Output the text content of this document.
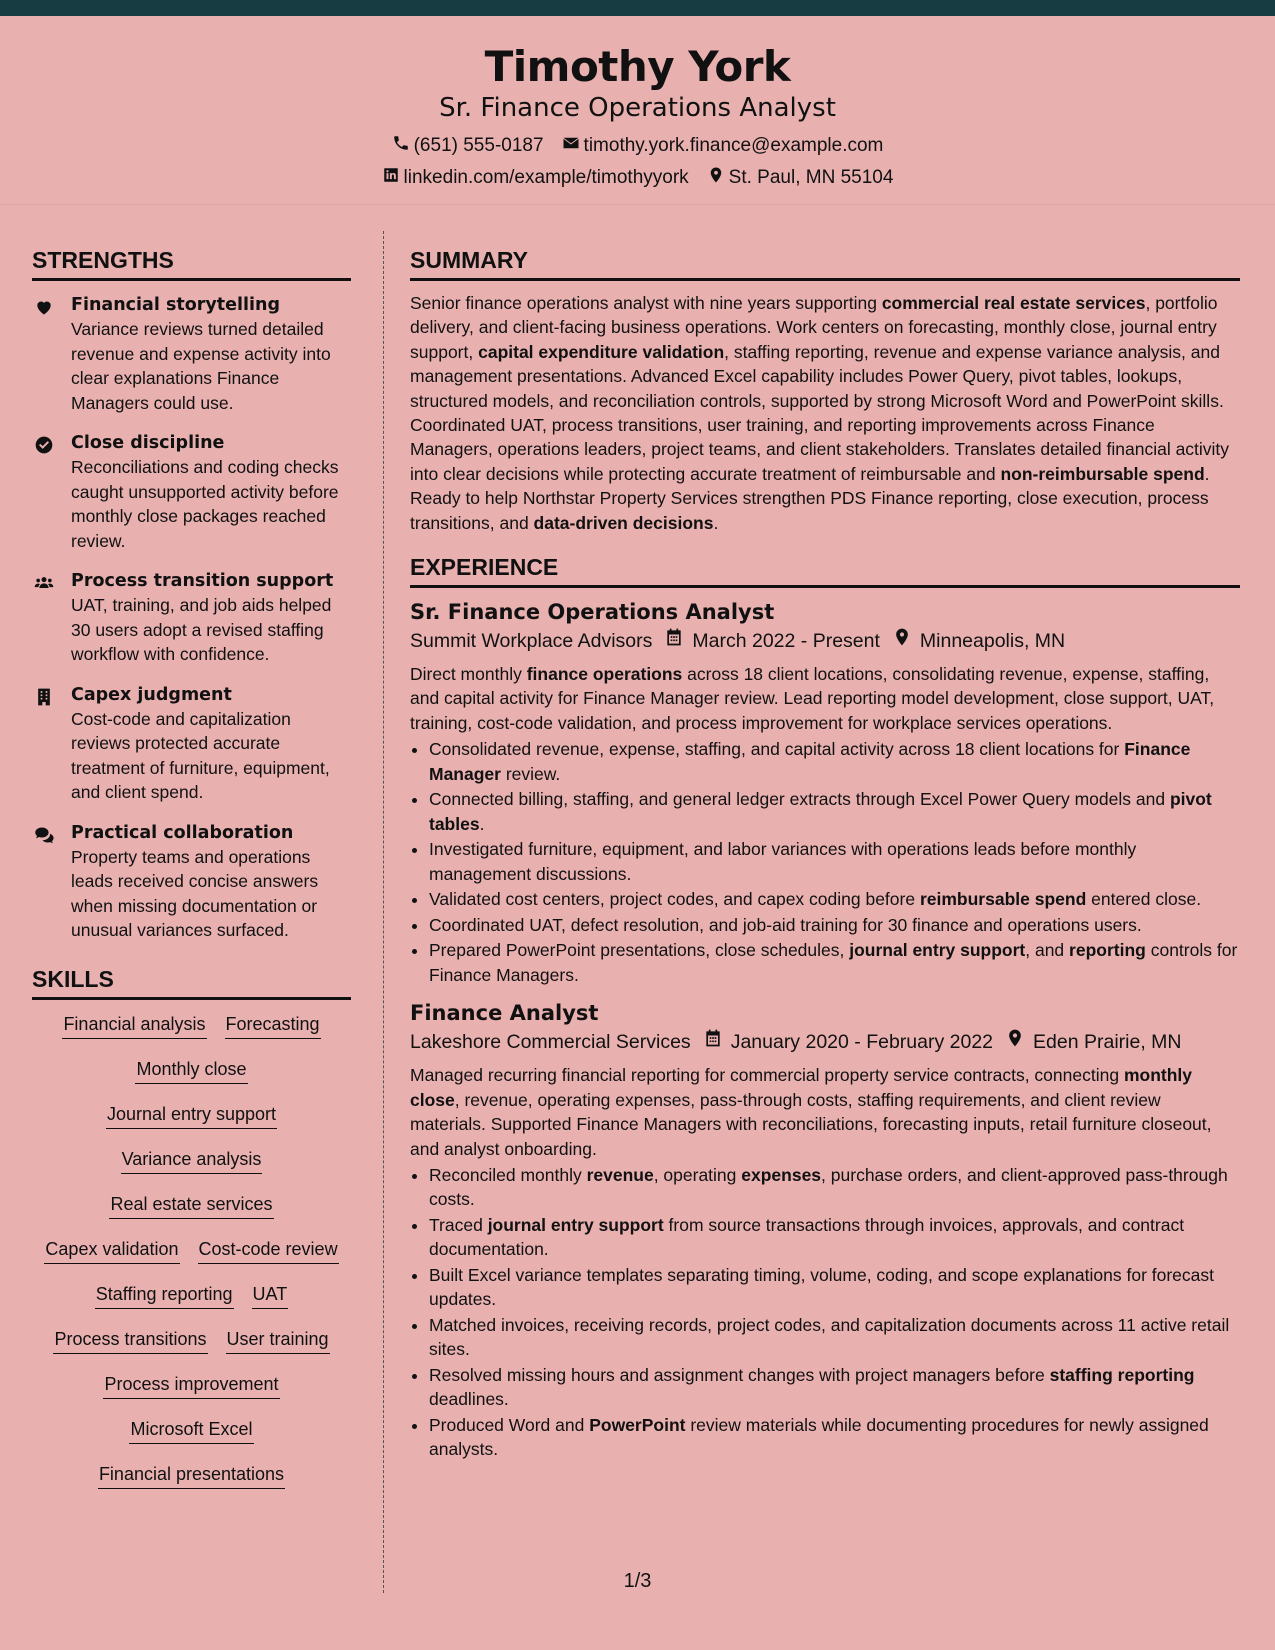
Timothy York
Sr. Finance Operations Analyst
(651) 555-0187 timothy.york.finance@example.com
linkedin.com/example/timothyyork St. Paul, MN 55104
STRENGTHS
Financial storytelling
Variance reviews turned detailed revenue and expense activity into clear explanations Finance Managers could use.
Close discipline
Reconciliations and coding checks caught unsupported activity before monthly close packages reached review.
Process transition support
UAT, training, and job aids helped 30 users adopt a revised staffing workflow with confidence.
Capex judgment
Cost-code and capitalization reviews protected accurate treatment of furniture, equipment, and client spend.
Practical collaboration
Property teams and operations leads received concise answers when missing documentation or unusual variances surfaced.
SKILLS
Financial analysis Forecasting
Monthly close
Journal entry support
Variance analysis
Real estate services
Capex validation Cost-code review
Staffing reporting UAT
Process transitions User training
Process improvement
Microsoft Excel
Financial presentations
SUMMARY

Senior finance operations analyst with nine years supporting commercial real estate services, portfolio delivery, and client-facing business operations. Work centers on forecasting, monthly close, journal entry support, capital expenditure validation, staffing reporting, revenue and expense variance analysis, and management presentations. Advanced Excel capability includes Power Query, pivot tables, lookups, structured models, and reconciliation controls, supported by strong Microsoft Word and PowerPoint skills. Coordinated UAT, process transitions, user training, and reporting improvements across Finance Managers, operations leaders, project teams, and client stakeholders. Translates detailed financial activity into clear decisions while protecting accurate treatment of reimbursable and non-reimbursable spend. Ready to help Northstar Property Services strengthen PDS Finance reporting, close execution, process transitions, and data-driven decisions.

EXPERIENCE
Sr. Finance Operations Analyst
Summit Workplace Advisors March 2022 - Present Minneapolis, MN

Direct monthly finance operations across 18 client locations, consolidating revenue, expense, staffing, and capital activity for Finance Manager review. Lead reporting model development, close support, UAT, training, cost-code validation, and process improvement for workplace services operations.

• Consolidated revenue, expense, staffing, and capital activity across 18 client locations for Finance Manager review.
• Connected billing, staffing, and general ledger extracts through Excel Power Query models and pivot tables.
• Investigated furniture, equipment, and labor variances with operations leads before monthly management discussions.
• Validated cost centers, project codes, and capex coding before reimbursable spend entered close.
• Coordinated UAT, defect resolution, and job-aid training for 30 finance and operations users.
• Prepared PowerPoint presentations, close schedules, journal entry support, and reporting controls for Finance Managers.
Finance Analyst
Lakeshore Commercial Services January 2020 - February 2022 Eden Prairie, MN

Managed recurring financial reporting for commercial property service contracts, connecting monthly close, revenue, operating expenses, pass-through costs, staffing requirements, and client review materials. Supported Finance Managers with reconciliations, forecasting inputs, retail furniture closeout, and analyst onboarding.

• Reconciled monthly revenue, operating expenses, purchase orders, and client-approved pass-through costs.
• Traced journal entry support from source transactions through invoices, approvals, and contract documentation.
• Built Excel variance templates separating timing, volume, coding, and scope explanations for forecast updates.
• Matched invoices, receiving records, project codes, and capitalization documents across 11 active retail sites.
• Resolved missing hours and assignment changes with project managers before staffing reporting deadlines.
• Produced Word and PowerPoint review materials while documenting procedures for newly assigned analysts.
1/3
